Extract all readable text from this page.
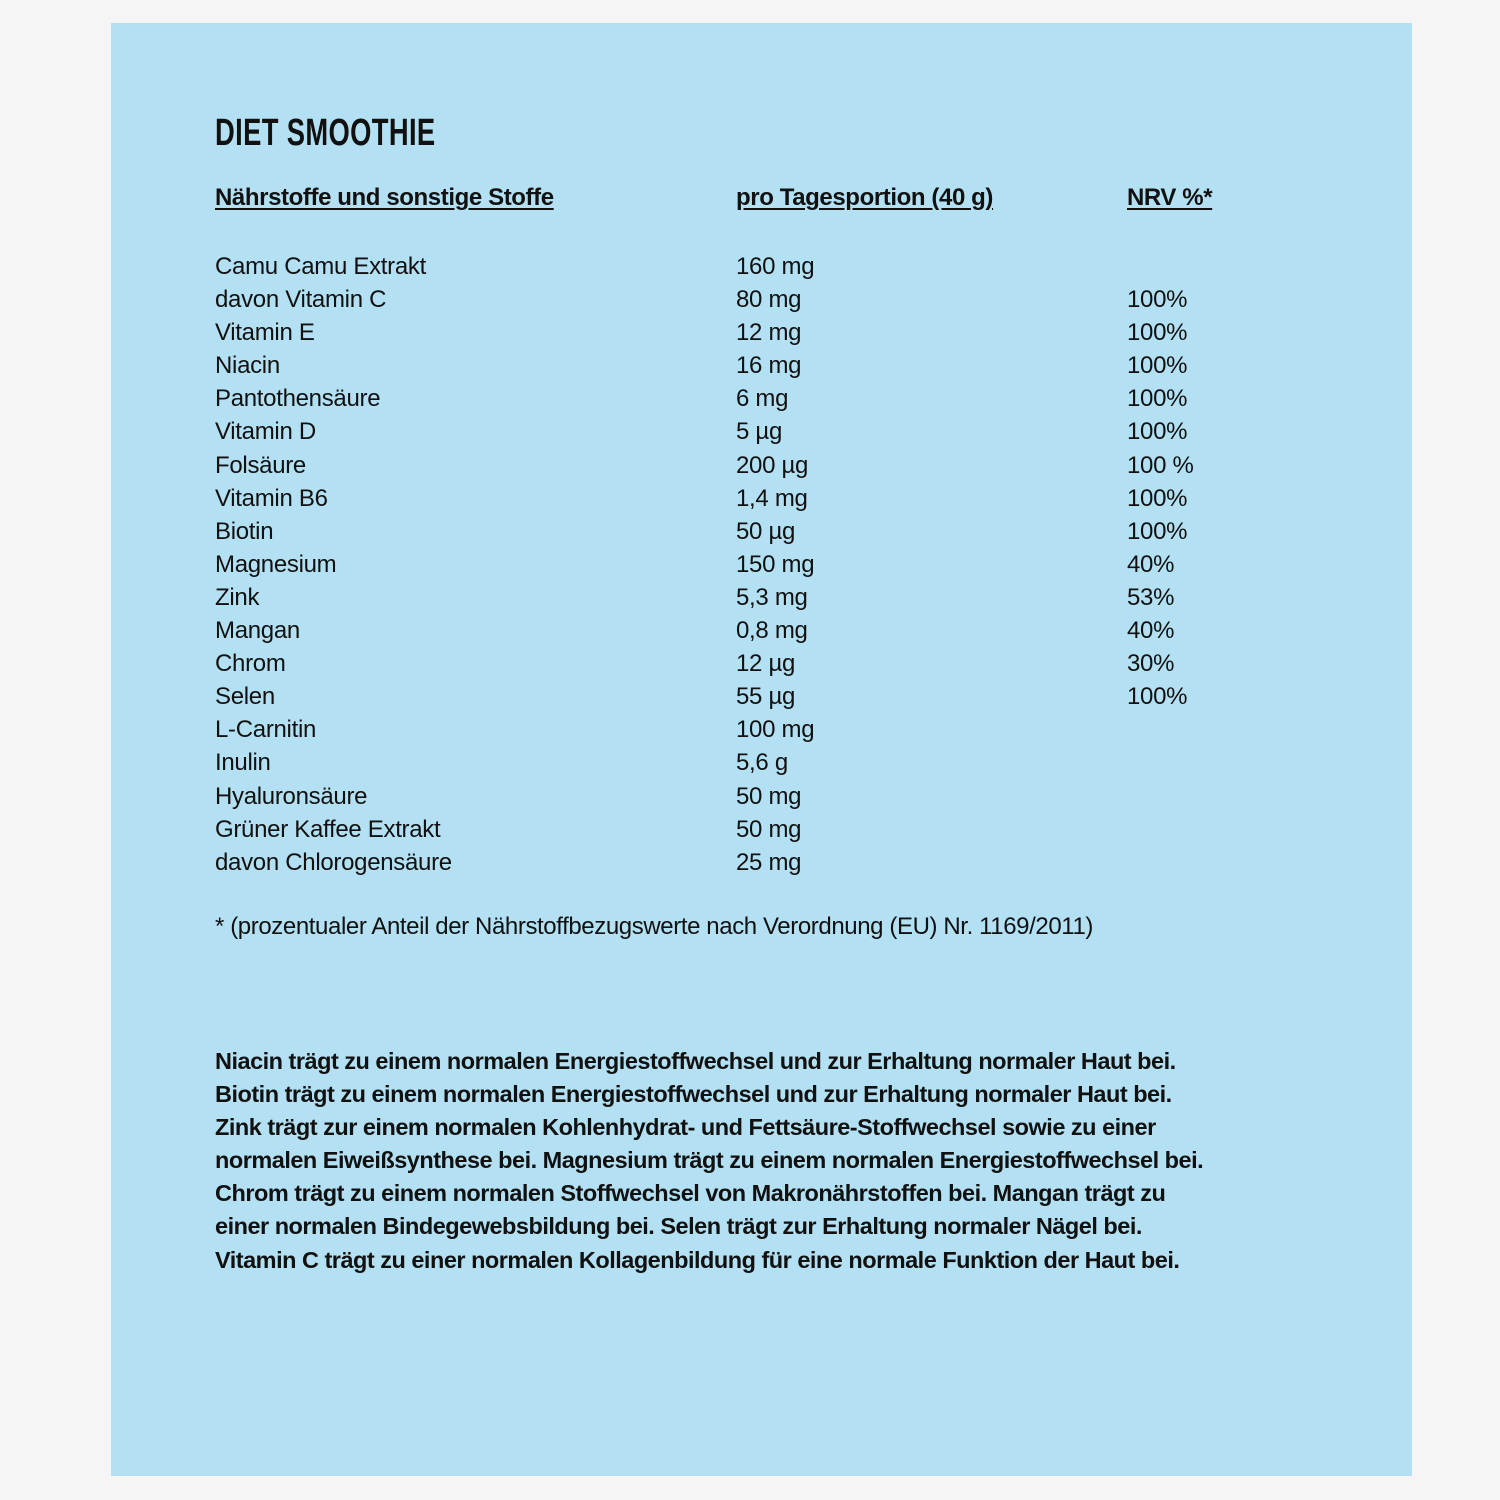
DIET SMOOTHIE
Nährstoffe und sonstige Stoffe	pro Tagesportion (40 g)	NRV %*
Camu Camu Extrakt	160 mg
davon Vitamin C	80 mg	100%
Vitamin E	12 mg	100%
Niacin	16 mg	100%
Pantothensäure	6 mg	100%
Vitamin D	5 µg	100%
Folsäure	200 µg	100 %
Vitamin B6	1,4 mg	100%
Biotin	50 µg	100%
Magnesium	150 mg	40%
Zink	5,3 mg	53%
Mangan	0,8 mg	40%
Chrom	12 µg	30%
Selen	55 µg	100%
L-Carnitin	100 mg
Inulin	5,6 g
Hyaluronsäure	50 mg
Grüner Kaffee Extrakt	50 mg
davon Chlorogensäure	25 mg
* (prozentualer Anteil der Nährstoffbezugswerte nach Verordnung (EU) Nr. 1169/2011)
Niacin trägt zu einem normalen Energiestoffwechsel und zur Erhaltung normaler Haut bei.
Biotin trägt zu einem normalen Energiestoffwechsel und zur Erhaltung normaler Haut bei.
Zink trägt zur einem normalen Kohlenhydrat- und Fettsäure-Stoffwechsel sowie zu einer
normalen Eiweißsynthese bei. Magnesium trägt zu einem normalen Energiestoffwechsel bei.
Chrom trägt zu einem normalen Stoffwechsel von Makronährstoffen bei. Mangan trägt zu
einer normalen Bindegewebsbildung bei. Selen trägt zur Erhaltung normaler Nägel bei.
Vitamin C trägt zu einer normalen Kollagenbildung für eine normale Funktion der Haut bei.
